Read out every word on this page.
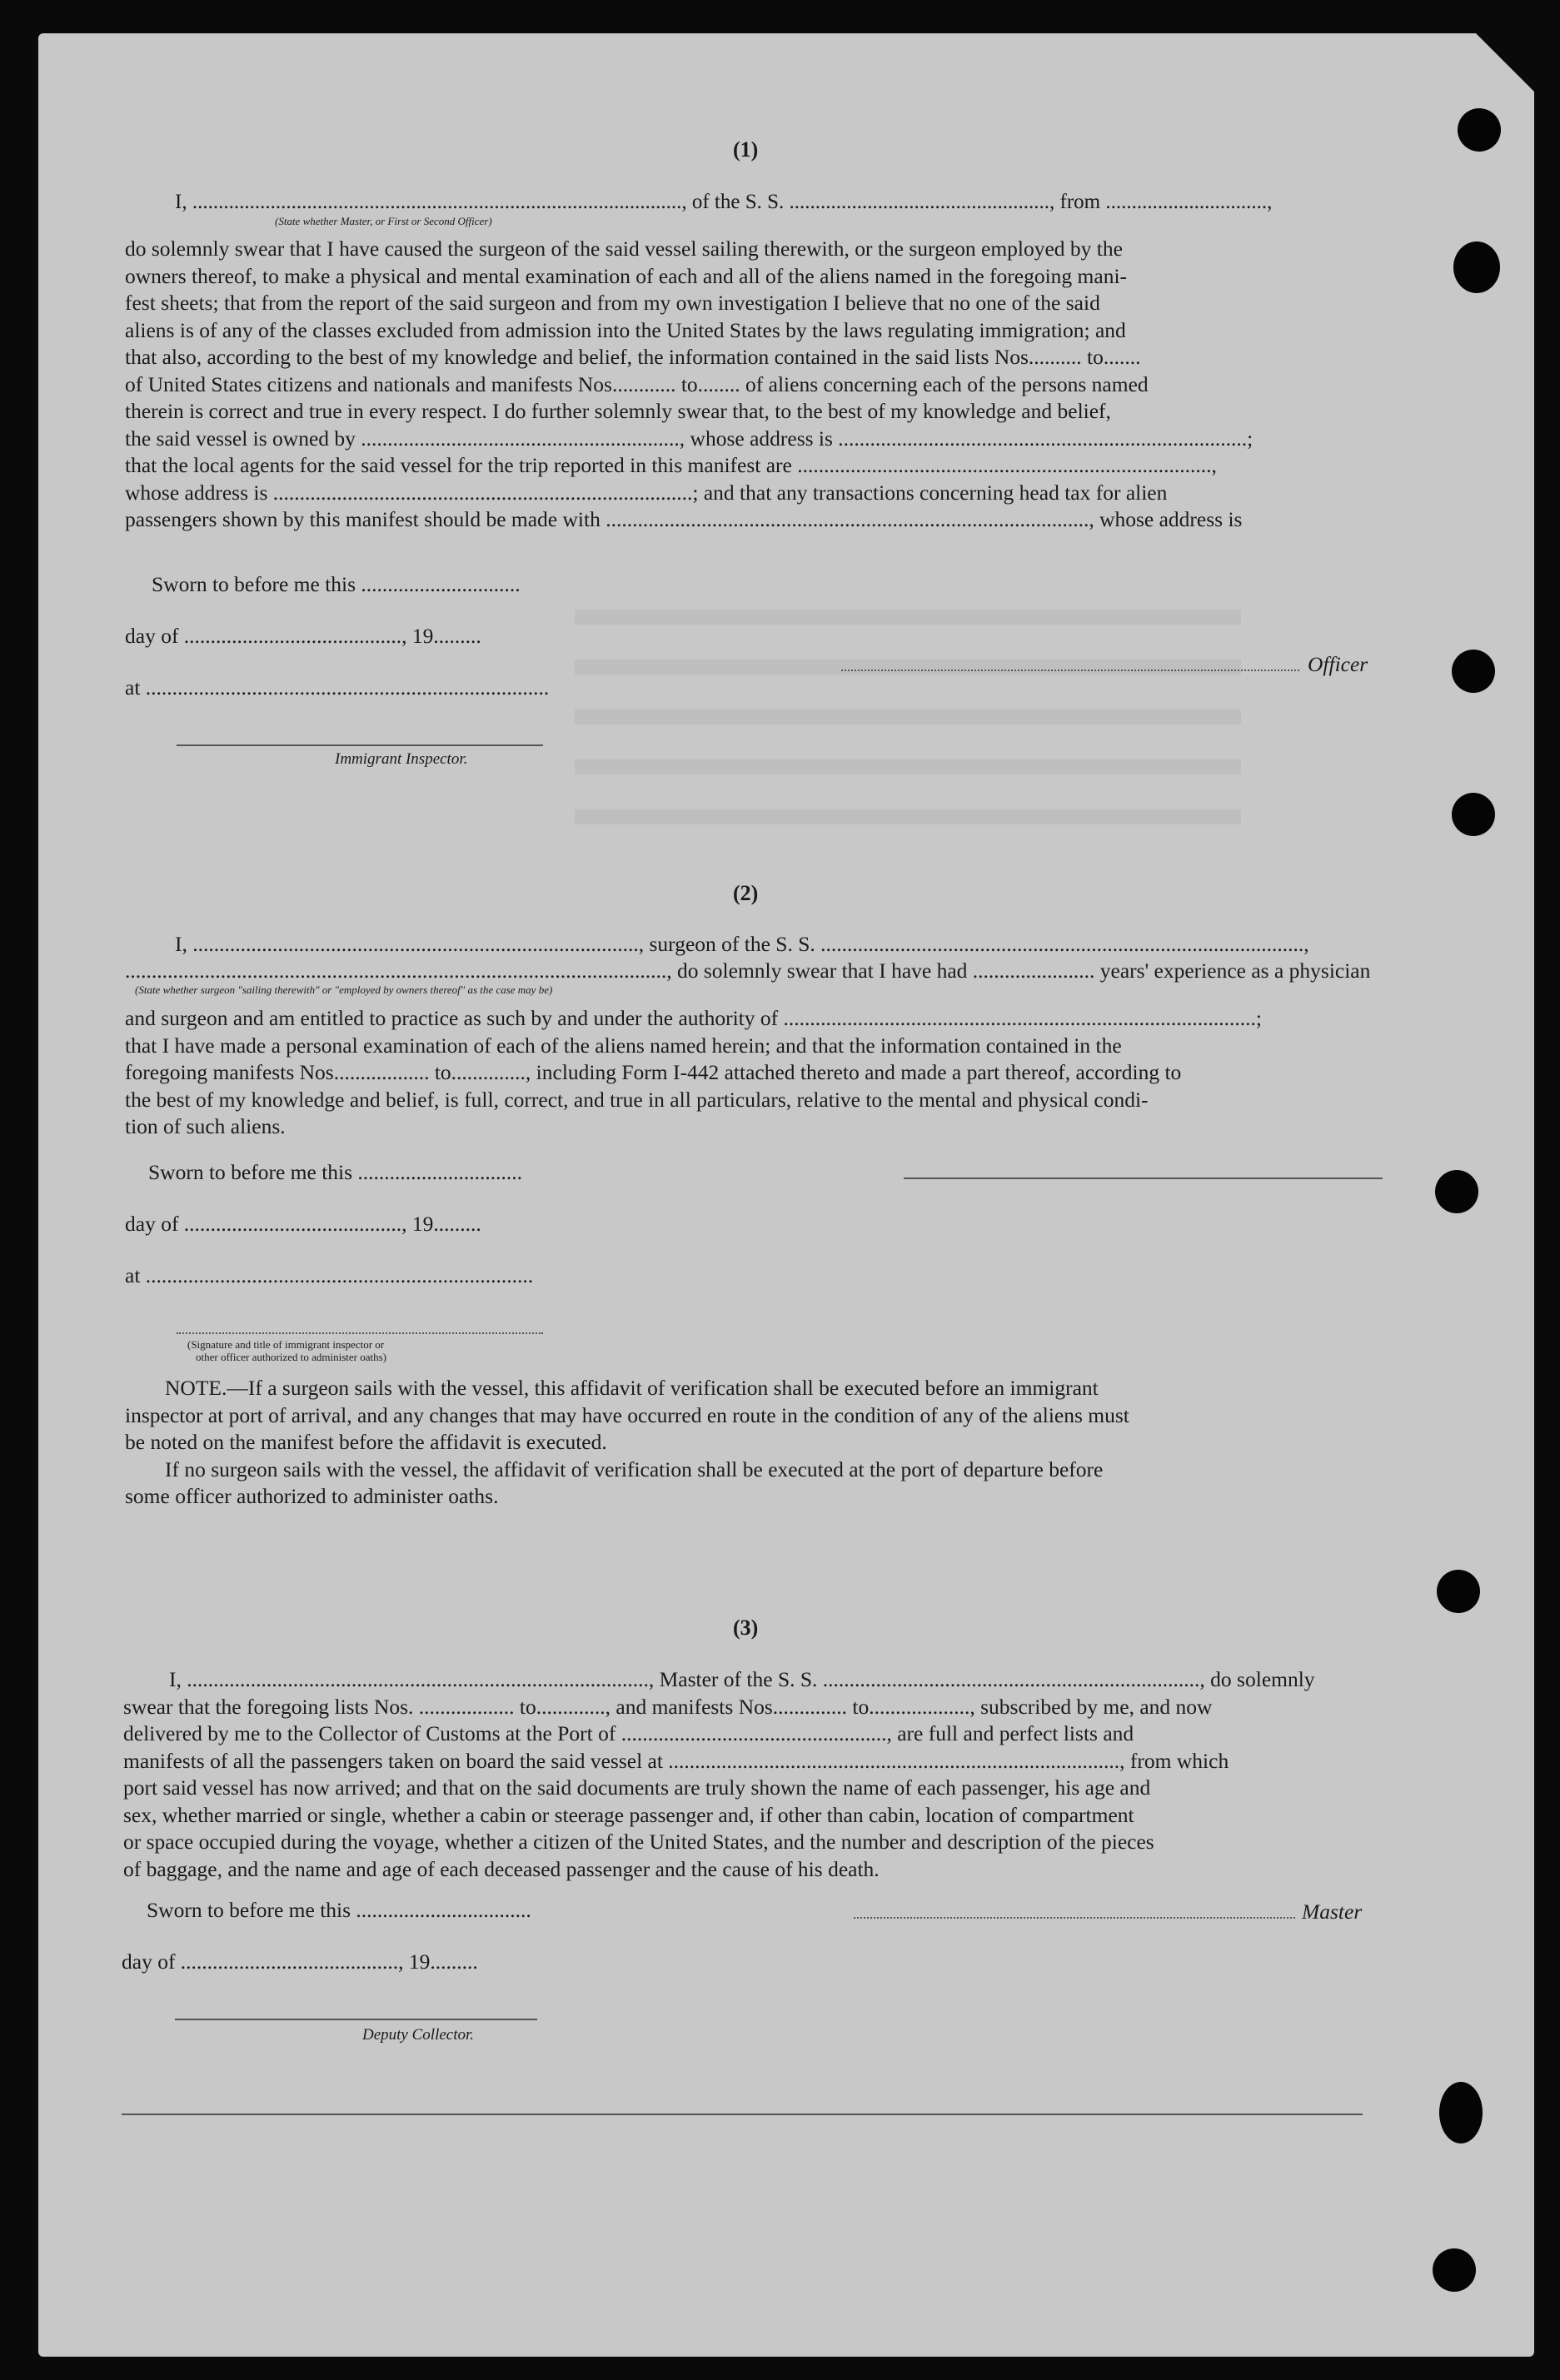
(1)
I, .............................................................................................., of the S. S. .................................................., from ...............................,
(State whether Master, or First or Second Officer)
do solemnly swear that I have caused the surgeon of the said vessel sailing therewith, or the surgeon employed by the
owners thereof, to make a physical and mental examination of each and all of the aliens named in the foregoing mani-
fest sheets; that from the report of the said surgeon and from my own investigation I believe that no one of the said
aliens is of any of the classes excluded from admission into the United States by the laws regulating immigration; and
that also, according to the best of my knowledge and belief, the information contained in the said lists Nos.......... to.......
of United States citizens and nationals and manifests Nos............ to........ of aliens concerning each of the persons named
therein is correct and true in every respect. I do further solemnly swear that, to the best of my knowledge and belief,
the said vessel is owned by ............................................................, whose address is .............................................................................;
that the local agents for the said vessel for the trip reported in this manifest are ..............................................................................,
whose address is ...............................................................................; and that any transactions concerning head tax for alien
passengers shown by this manifest should be made with ..........................................................................................., whose address is
Sworn to before me this ..............................
day of ........................................., 19.........
at ............................................................................
Officer
Immigrant Inspector.
(2)
I, ...................................................................................., surgeon of the S. S. ...........................................................................................,
......................................................................................................, do solemnly swear that I have had ....................... years' experience as a physician
(State whether surgeon "sailing therewith" or "employed by owners thereof" as the case may be)
and surgeon and am entitled to practice as such by and under the authority of .........................................................................................;
that I have made a personal examination of each of the aliens named herein; and that the information contained in the
foregoing manifests Nos.................. to.............., including Form I-442 attached thereto and made a part thereof, according to
the best of my knowledge and belief, is full, correct, and true in all particulars, relative to the mental and physical condi-
tion of such aliens.
Sworn to before me this ...............................
day of ........................................., 19.........
at .........................................................................
(Signature and title of immigrant inspector or
other officer authorized to administer oaths)
NOTE.—If a surgeon sails with the vessel, this affidavit of verification shall be executed before an immigrant
inspector at port of arrival, and any changes that may have occurred en route in the condition of any of the aliens must
be noted on the manifest before the affidavit is executed.
If no surgeon sails with the vessel, the affidavit of verification shall be executed at the port of departure before
some officer authorized to administer oaths.
(3)
I, ......................................................................................., Master of the S. S. ......................................................................., do solemnly
swear that the foregoing lists Nos. .................. to............., and manifests Nos.............. to..................., subscribed by me, and now
delivered by me to the Collector of Customs at the Port of .................................................., are full and perfect lists and
manifests of all the passengers taken on board the said vessel at ....................................................................................., from which
port said vessel has now arrived; and that on the said documents are truly shown the name of each passenger, his age and
sex, whether married or single, whether a cabin or steerage passenger and, if other than cabin, location of compartment
or space occupied during the voyage, whether a citizen of the United States, and the number and description of the pieces
of baggage, and the name and age of each deceased passenger and the cause of his death.
Sworn to before me this .................................	Master
day of ........................................., 19.........
Deputy Collector.
